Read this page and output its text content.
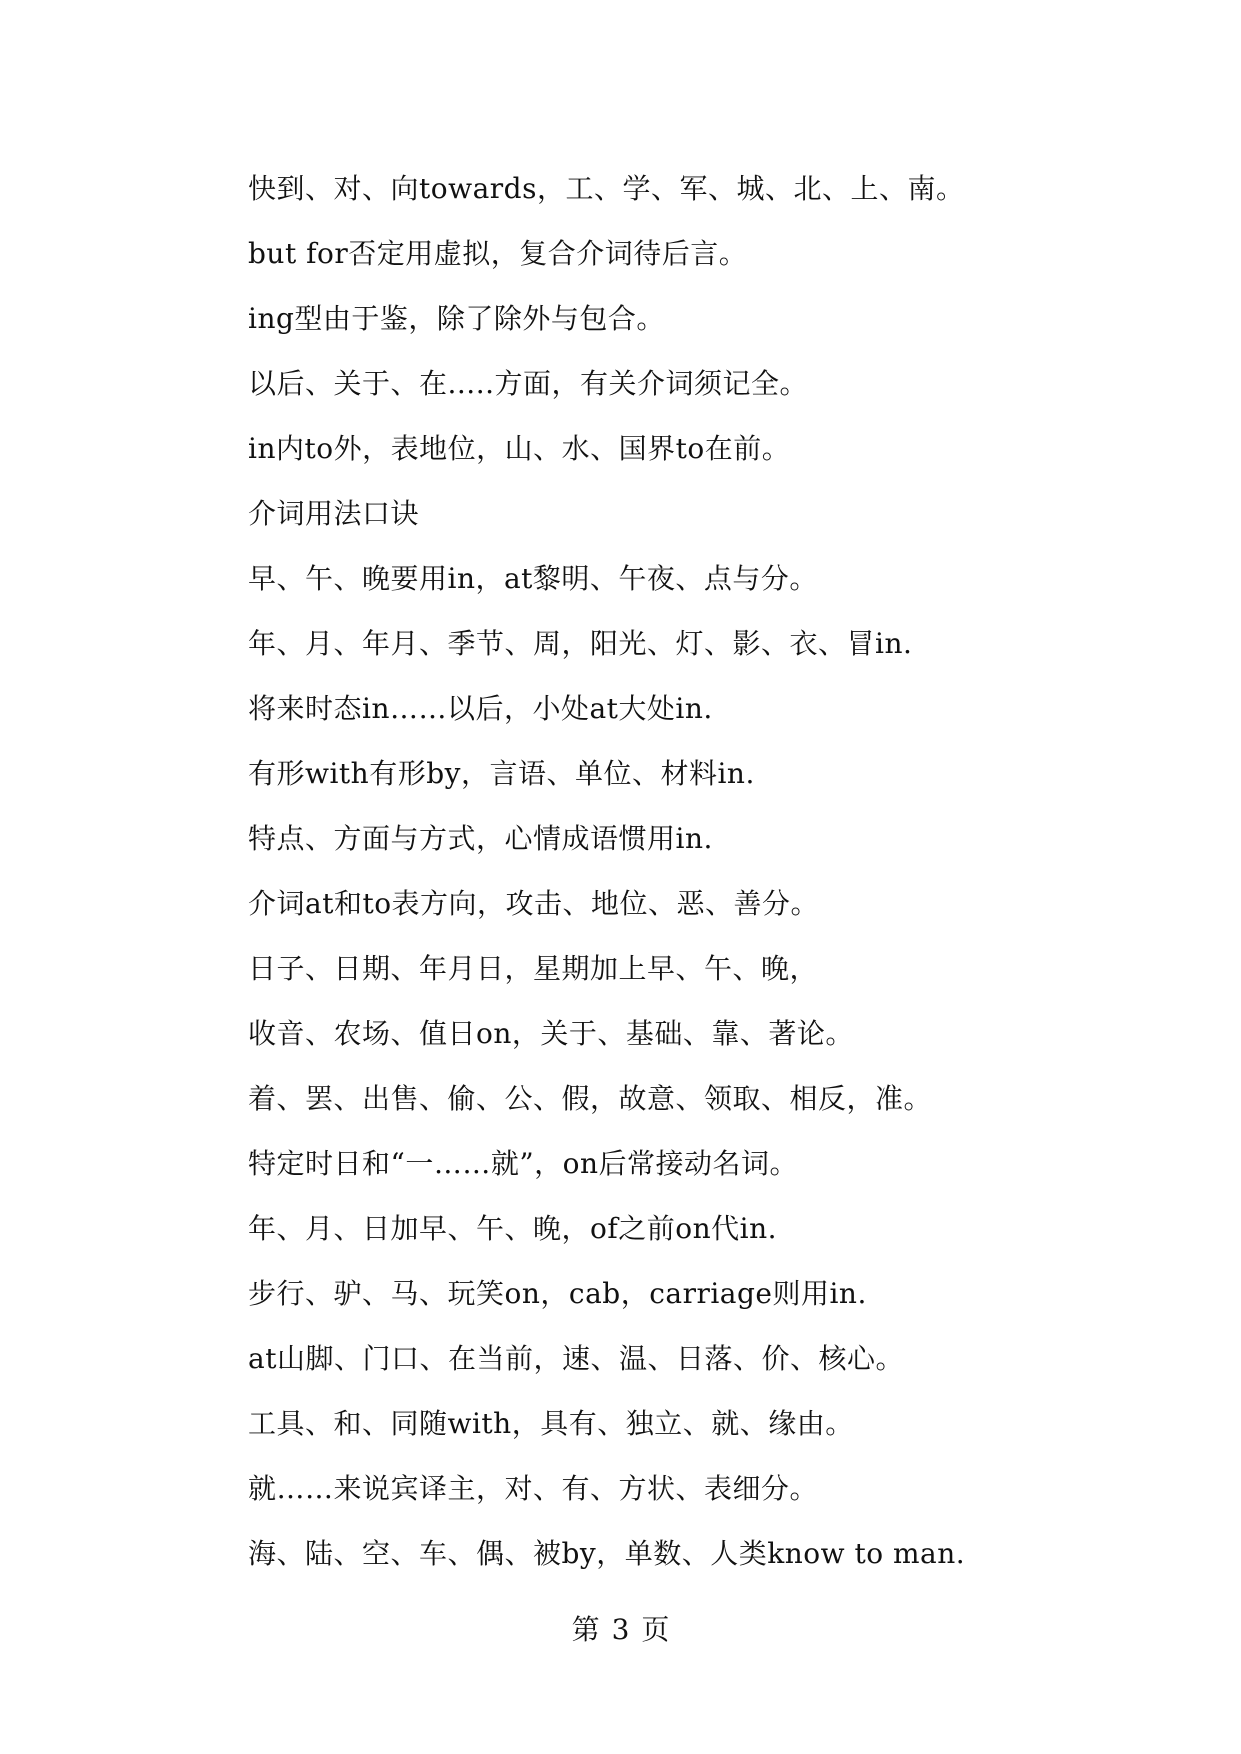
快到、对、向towards，工、学、军、城、北、上、南。
but for否定用虚拟，复合介词待后言。
ing型由于鉴，除了除外与包合。
以后、关于、在.....方面，有关介词须记全。
in内to外，表地位，山、水、国界to在前。
介词用法口诀
早、午、晚要用in，at黎明、午夜、点与分。
年、月、年月、季节、周，阳光、灯、影、衣、冒in.
将来时态in……以后，小处at大处in.
有形with有形by，言语、单位、材料in.
特点、方面与方式，心情成语惯用in.
介词at和to表方向，攻击、地位、恶、善分。
日子、日期、年月日，星期加上早、午、晚，
收音、农场、值日on，关于、基础、靠、著论。
着、罢、出售、偷、公、假，故意、领取、相反，准。
特定时日和“一……就”，on后常接动名词。
年、月、日加早、午、晚，of之前on代in.
步行、驴、马、玩笑on，cab，carriage则用in.
at山脚、门口、在当前，速、温、日落、价、核心。
工具、和、同随with，具有、独立、就、缘由。
就……来说宾译主，对、有、方状、表细分。
海、陆、空、车、偶、被by，单数、人类know to man.
第 3 页
